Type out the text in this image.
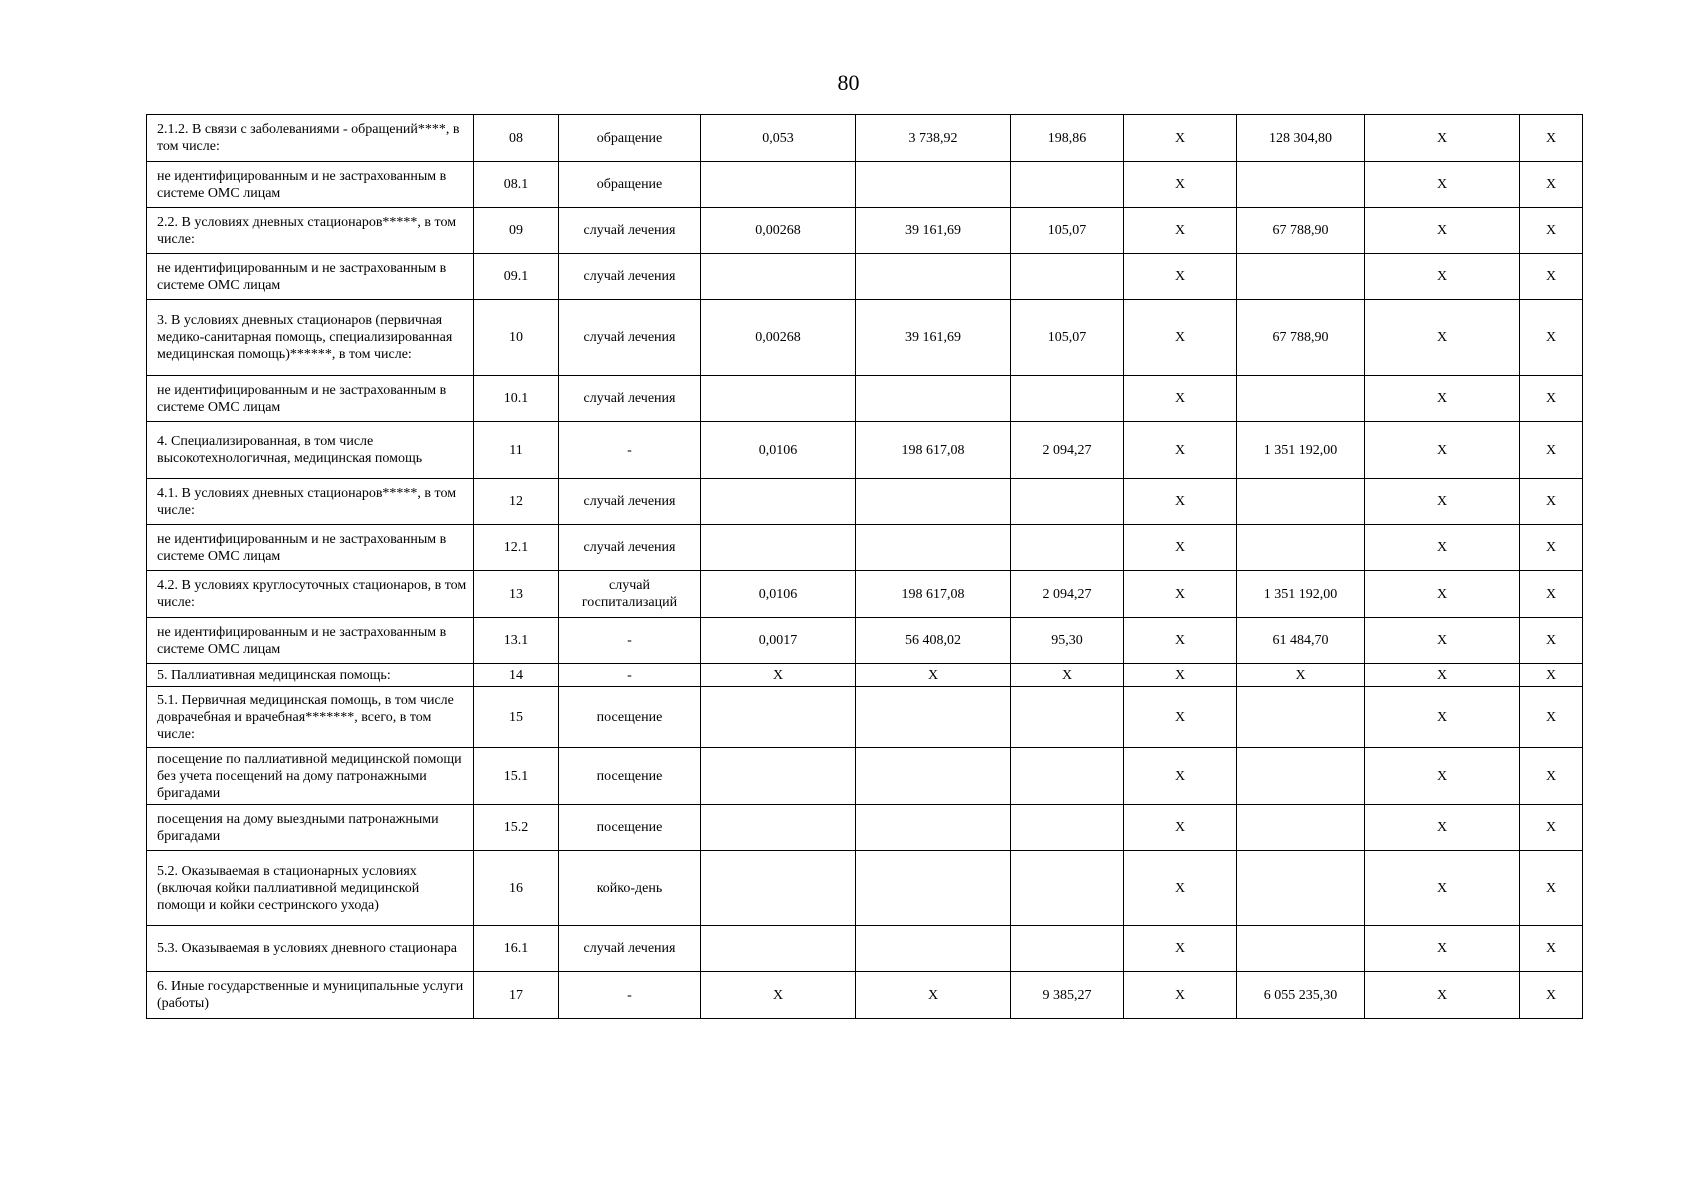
80
2.1.2. В связи с заболеваниями - обращений****, в том числе:	08	обращение	0,053	3 738,92	198,86	X	128 304,80	X	X

не идентифицированным и не застрахованным в системе ОМС лицам	08.1	обращение				X		X	X

2.2. В условиях дневных стационаров*****, в том числе:	09	случай лечения	0,00268	39 161,69	105,07	X	67 788,90	X	X

не идентифицированным и не застрахованным в системе ОМС лицам	09.1	случай лечения				X		X	X

3. В условиях дневных стационаров (первичная медико-санитарная помощь, специализированная медицинская помощь)******, в том числе:	10	случай лечения	0,00268	39 161,69	105,07	X	67 788,90	X	X

не идентифицированным и не застрахованным в системе ОМС лицам	10.1	случай лечения				X		X	X

4. Специализированная, в том числе высокотехнологичная, медицинская помощь	11	-	0,0106	198 617,08	2 094,27	X	1 351 192,00	X	X

4.1. В условиях дневных стационаров*****, в том числе:	12	случай лечения				X		X	X

не идентифицированным и не застрахованным в системе ОМС лицам	12.1	случай лечения				X		X	X

4.2. В условиях круглосуточных стационаров, в том числе:	13	случай госпитализаций	0,0106	198 617,08	2 094,27	X	1 351 192,00	X	X

не идентифицированным и не застрахованным в системе ОМС лицам	13.1	-	0,0017	56 408,02	95,30	X	61 484,70	X	X

5. Паллиативная медицинская помощь:	14	-	X	X	X	X	X	X	X

5.1. Первичная медицинская помощь, в том числе доврачебная и врачебная*******, всего, в том числе:	15	посещение				X		X	X

посещение по паллиативной медицинской помощи без учета посещений на дому патронажными бригадами	15.1	посещение				X		X	X

посещения на дому выездными патронажными бригадами	15.2	посещение				X		X	X

5.2. Оказываемая в стационарных условиях (включая койки паллиативной медицинской помощи и койки сестринского ухода)	16	койко-день				X		X	X

5.3. Оказываемая в условиях дневного стационара	16.1	случай лечения				X		X	X

6. Иные государственные и муниципальные услуги (работы)	17	-	X	X	9 385,27	X	6 055 235,30	X	X
